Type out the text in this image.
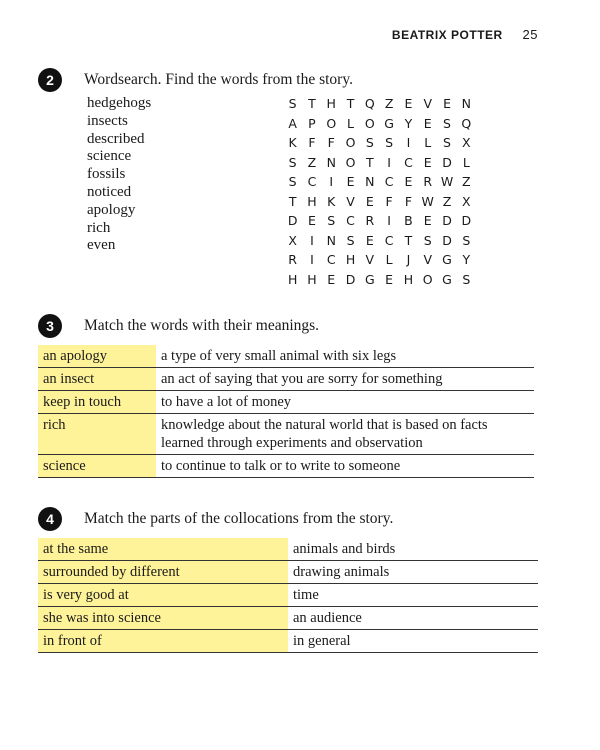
BEATRIX POTTER 25
2	Wordsearch. Find the words from the story.
hedgehogs
insects
described
science
fossils
noticed
apology
rich
even
S T H T Q Z E V E N
A P O L O G Y E S Q
K F F O S S	I	L S X
S Z N O T	I	C E D L
S C	I	E N C E R W Z
T H K V E F F W Z X
D E S C R	I	B E D D
X	I	N S E C T S D S
R	I	C H V L	J	V G Y
H H E D G E H O G S
3	Match the words with their meanings.
an apology	a type of very small animal with six legs
an insect	an act of saying that you are sorry for something
keep in touch	to have a lot of money
rich	knowledge about the natural world that is based on facts learned through experiments and observation
science	to continue to talk or to write to someone
4	Match the parts of the collocations from the story.
at the same	animals and birds
surrounded by different	drawing animals
is very good at	time
she was into science	an audience
in front of	in general
